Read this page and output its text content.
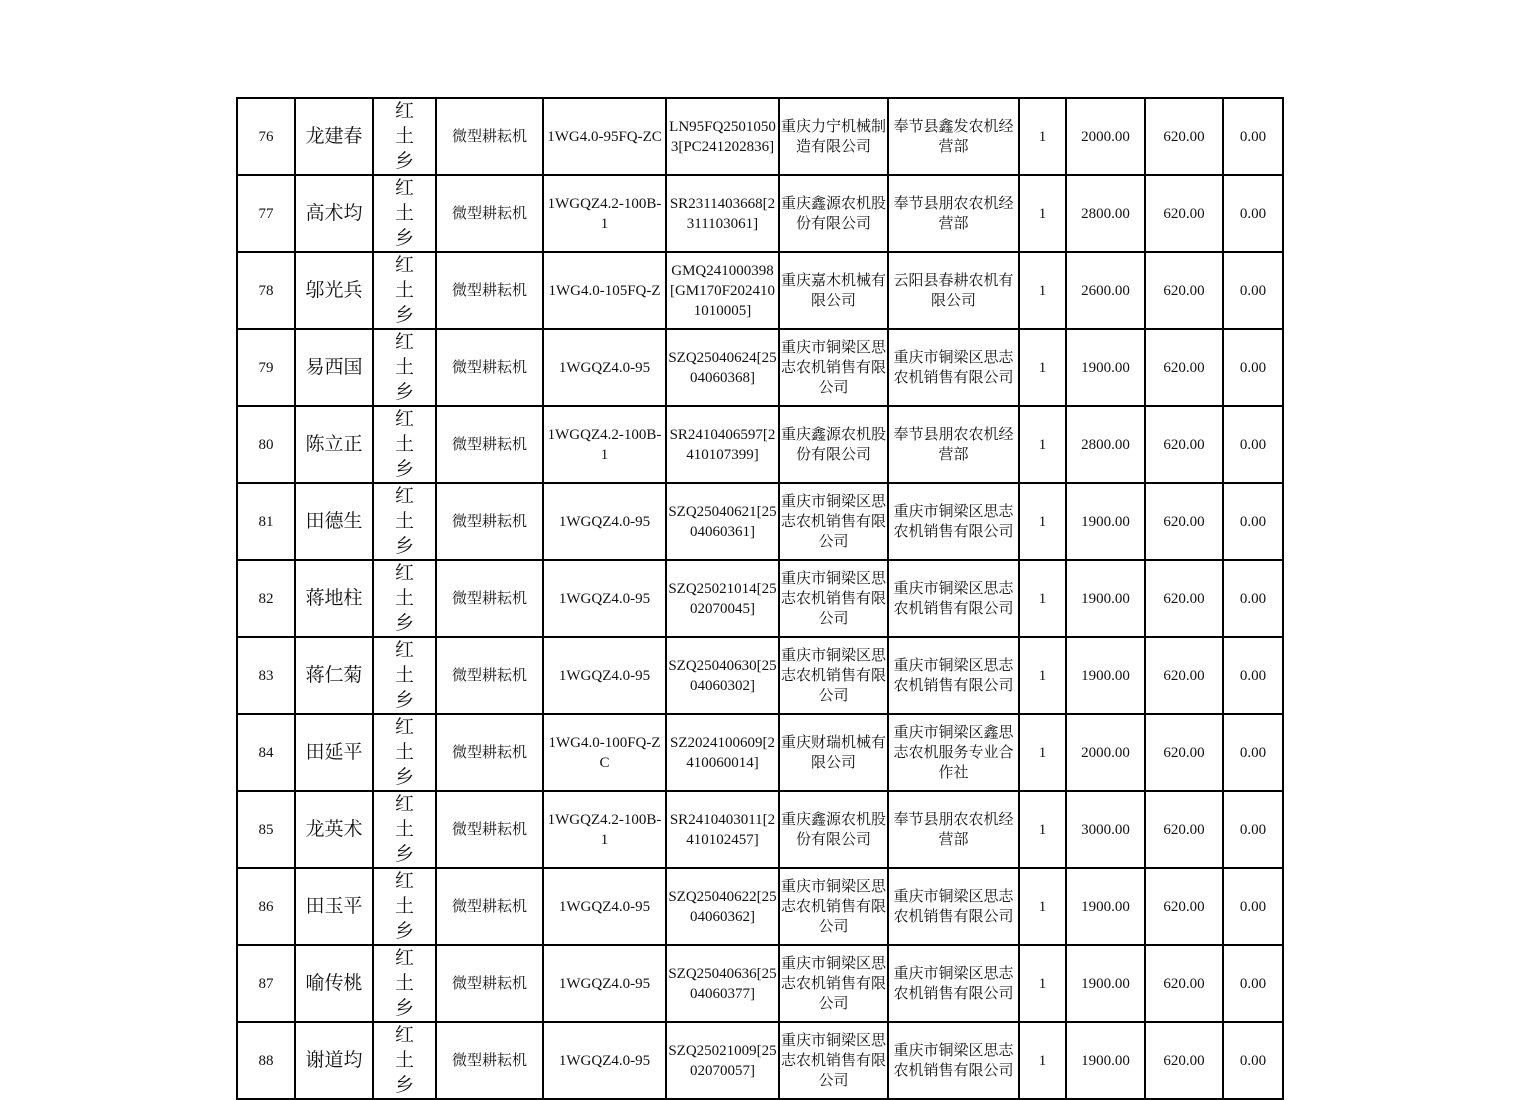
76	龙建春	红土乡	微型耕耘机	1WG4.0-95FQ-ZC	LN95FQ25010503[PC241202836]	重庆力宁机械制造有限公司	奉节县鑫发农机经营部	1	2000.00	620.00	0.00
77	高术均	红土乡	微型耕耘机	1WGQZ4.2-100B-1	SR2311403668[2311103061]	重庆鑫源农机股份有限公司	奉节县朋农农机经营部	1	2800.00	620.00	0.00
78	邬光兵	红土乡	微型耕耘机	1WG4.0-105FQ-Z	GMQ241000398[GM170F2024101010005]	重庆嘉木机械有限公司	云阳县春耕农机有限公司	1	2600.00	620.00	0.00
79	易西国	红土乡	微型耕耘机	1WGQZ4.0-95	SZQ25040624[2504060368]	重庆市铜梁区思志农机销售有限公司	重庆市铜梁区思志农机销售有限公司	1	1900.00	620.00	0.00
80	陈立正	红土乡	微型耕耘机	1WGQZ4.2-100B-1	SR2410406597[2410107399]	重庆鑫源农机股份有限公司	奉节县朋农农机经营部	1	2800.00	620.00	0.00
81	田德生	红土乡	微型耕耘机	1WGQZ4.0-95	SZQ25040621[2504060361]	重庆市铜梁区思志农机销售有限公司	重庆市铜梁区思志农机销售有限公司	1	1900.00	620.00	0.00
82	蒋地柱	红土乡	微型耕耘机	1WGQZ4.0-95	SZQ25021014[2502070045]	重庆市铜梁区思志农机销售有限公司	重庆市铜梁区思志农机销售有限公司	1	1900.00	620.00	0.00
83	蒋仁菊	红土乡	微型耕耘机	1WGQZ4.0-95	SZQ25040630[2504060302]	重庆市铜梁区思志农机销售有限公司	重庆市铜梁区思志农机销售有限公司	1	1900.00	620.00	0.00
84	田延平	红土乡	微型耕耘机	1WG4.0-100FQ-ZC	SZ2024100609[2410060014]	重庆财瑞机械有限公司	重庆市铜梁区鑫思志农机服务专业合作社	1	2000.00	620.00	0.00
85	龙英术	红土乡	微型耕耘机	1WGQZ4.2-100B-1	SR2410403011[2410102457]	重庆鑫源农机股份有限公司	奉节县朋农农机经营部	1	3000.00	620.00	0.00
86	田玉平	红土乡	微型耕耘机	1WGQZ4.0-95	SZQ25040622[2504060362]	重庆市铜梁区思志农机销售有限公司	重庆市铜梁区思志农机销售有限公司	1	1900.00	620.00	0.00
87	喻传桃	红土乡	微型耕耘机	1WGQZ4.0-95	SZQ25040636[2504060377]	重庆市铜梁区思志农机销售有限公司	重庆市铜梁区思志农机销售有限公司	1	1900.00	620.00	0.00
88	谢道均	红土乡	微型耕耘机	1WGQZ4.0-95	SZQ25021009[2502070057]	重庆市铜梁区思志农机销售有限公司	重庆市铜梁区思志农机销售有限公司	1	1900.00	620.00	0.00
